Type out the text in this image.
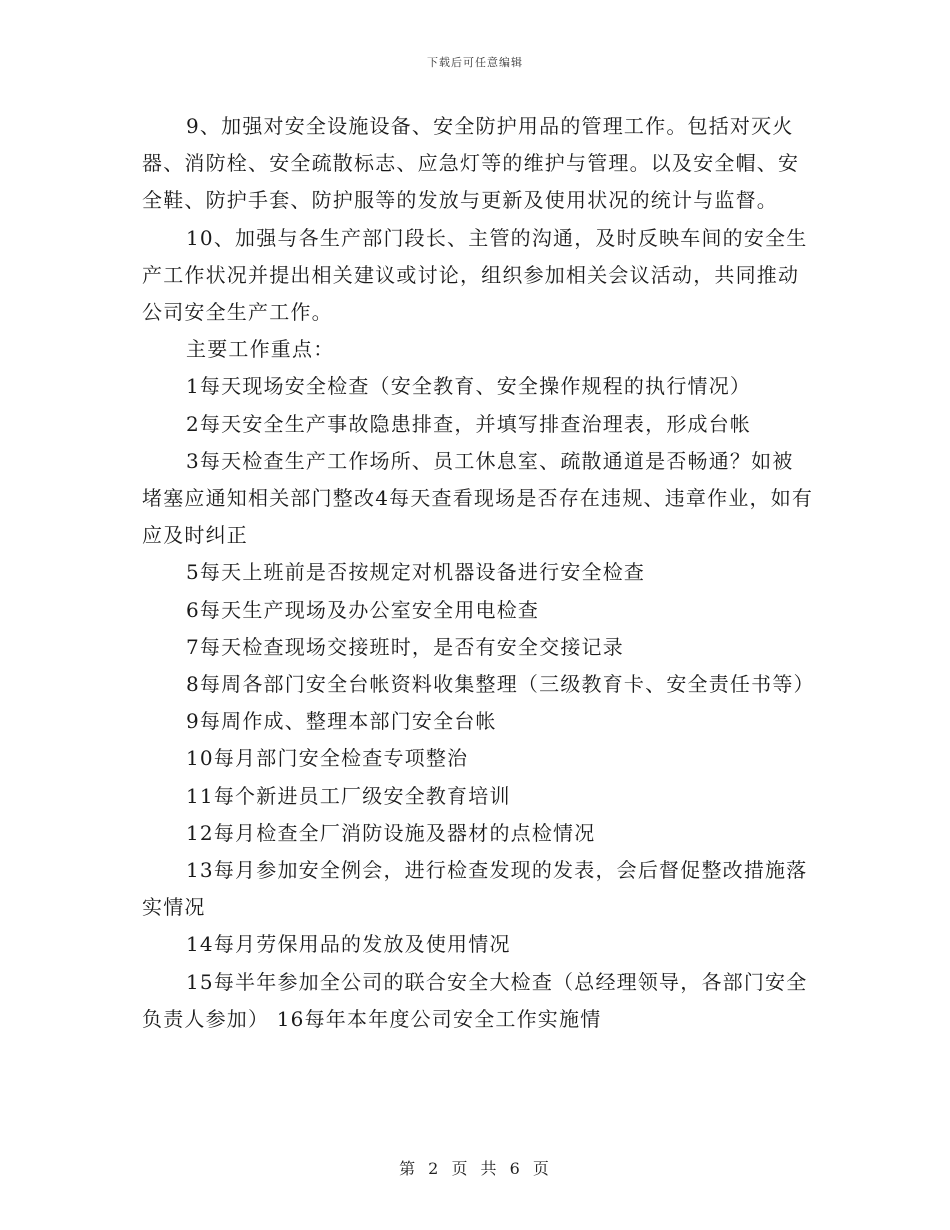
下载后可任意编辑

9、加强对安全设施设备、安全防护用品的管理工作。包括对灭火器、消防栓、安全疏散标志、应急灯等的维护与管理。以及安全帽、安全鞋、防护手套、防护服等的发放与更新及使用状况的统计与监督。

10、加强与各生产部门段长、主管的沟通，及时反映车间的安全生产工作状况并提出相关建议或讨论，组织参加相关会议活动，共同推动公司安全生产工作。

主要工作重点：

1每天现场安全检查（安全教育、安全操作规程的执行情况）

2每天安全生产事故隐患排查，并填写排查治理表，形成台帐

3每天检查生产工作场所、员工休息室、疏散通道是否畅通？如被堵塞应通知相关部门整改4每天查看现场是否存在违规、违章作业，如有应及时纠正

5每天上班前是否按规定对机器设备进行安全检查

6每天生产现场及办公室安全用电检查

7每天检查现场交接班时，是否有安全交接记录

8每周各部门安全台帐资料收集整理（三级教育卡、安全责任书等）

9每周作成、整理本部门安全台帐

10每月部门安全检查专项整治

11每个新进员工厂级安全教育培训

12每月检查全厂消防设施及器材的点检情况

13每月参加安全例会，进行检查发现的发表，会后督促整改措施落实情况

14每月劳保用品的发放及使用情况

15每半年参加全公司的联合安全大检查（总经理领导，各部门安全负责人参加） 16每年本年度公司安全工作实施情

第 2 页 共 6 页
